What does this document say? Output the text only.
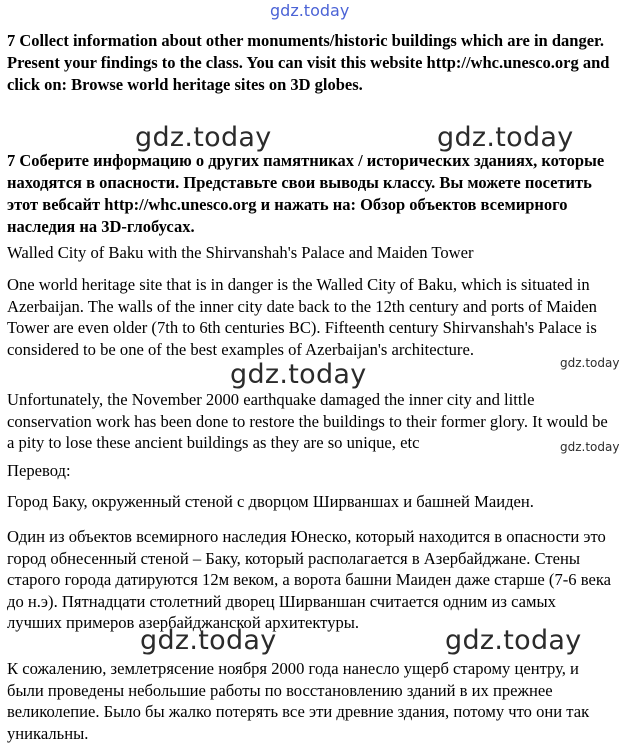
7 Collect information about other monuments/historic buildings which are in danger. Present your findings to the class. You can visit this website http://whc.unesco.org and click on: Browse world heritage sites on 3D globes.

7 Соберите информацию о других памятниках / исторических зданиях, которые находятся в опасности. Представьте свои выводы классу. Вы можете посетить этот вебсайт http://whc.unesco.org и нажать на: Обзор объектов всемирного наследия на 3D-глобусах.

Walled City of Baku with the Shirvanshah's Palace and Maiden Tower

One world heritage site that is in danger is the Walled City of Baku, which is situated in Azerbaijan. The walls of the inner city date back to the 12th century and ports of Maiden Tower are even older (7th to 6th centuries BC). Fifteenth century Shirvanshah's Palace is considered to be one of the best examples of Azerbaijan's architecture.

Unfortunately, the November 2000 earthquake damaged the inner city and little conservation work has been done to restore the buildings to their former glory. It would be a pity to lose these ancient buildings as they are so unique, etc

Перевод:

Город Баку, окруженный стеной с дворцом Ширваншах и башней Маиден.

Один из объектов всемирного наследия Юнеско, который находится в опасности это город обнесенный стеной – Баку, который располагается в Азербайджане. Стены старого города датируются 12м веком, а ворота башни Маиден даже старше (7-6 века до н.э). Пятнадцати столетний дворец Ширваншан считается одним из самых лучших примеров азербайджанской архитектуры.

К сожалению, землетрясение ноября 2000 года нанесло ущерб старому центру, и были проведены небольшие работы по восстановлению зданий в их прежнее великолепие. Было бы жалко потерять все эти древние здания, потому что они так уникальны.

gdz.today
gdz.today	gdz.today
gdz.today	gdz.today
gdz.today
gdz.today	gdz.today
